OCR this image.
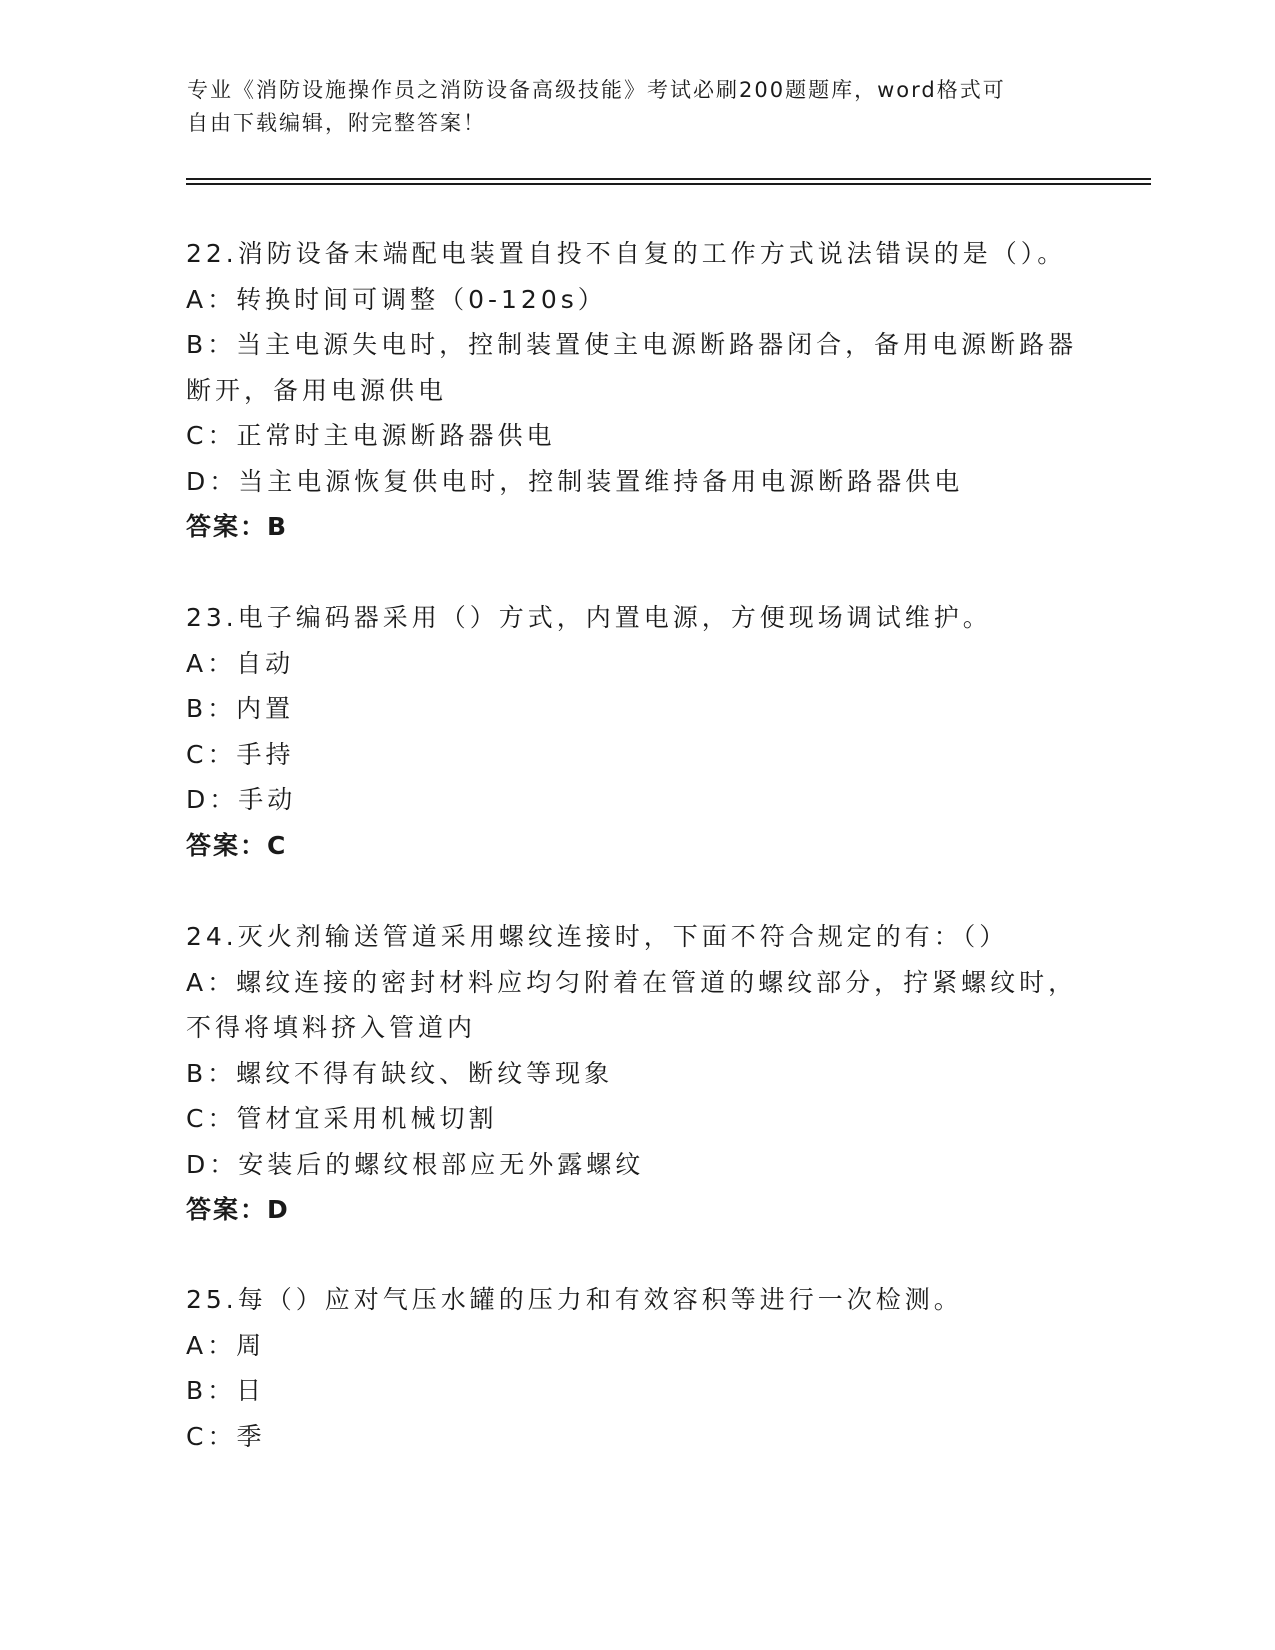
专业《消防设施操作员之消防设备高级技能》考试必刷200题题库，word格式可
自由下载编辑，附完整答案！
22.消防设备末端配电装置自投不自复的工作方式说法错误的是（）。
A：转换时间可调整（0-120s）
B：当主电源失电时，控制装置使主电源断路器闭合，备用电源断路器
断开，备用电源供电
C：正常时主电源断路器供电
D：当主电源恢复供电时，控制装置维持备用电源断路器供电
答案：B
23.电子编码器采用（）方式，内置电源，方便现场调试维护。
A：自动
B：内置
C：手持
D：手动
答案：C
24.灭火剂输送管道采用螺纹连接时，下面不符合规定的有：（）
A：螺纹连接的密封材料应均匀附着在管道的螺纹部分，拧紧螺纹时，
不得将填料挤入管道内
B：螺纹不得有缺纹、断纹等现象
C：管材宜采用机械切割
D：安装后的螺纹根部应无外露螺纹
答案：D
25.每（）应对气压水罐的压力和有效容积等进行一次检测。
A：周
B：日
C：季
